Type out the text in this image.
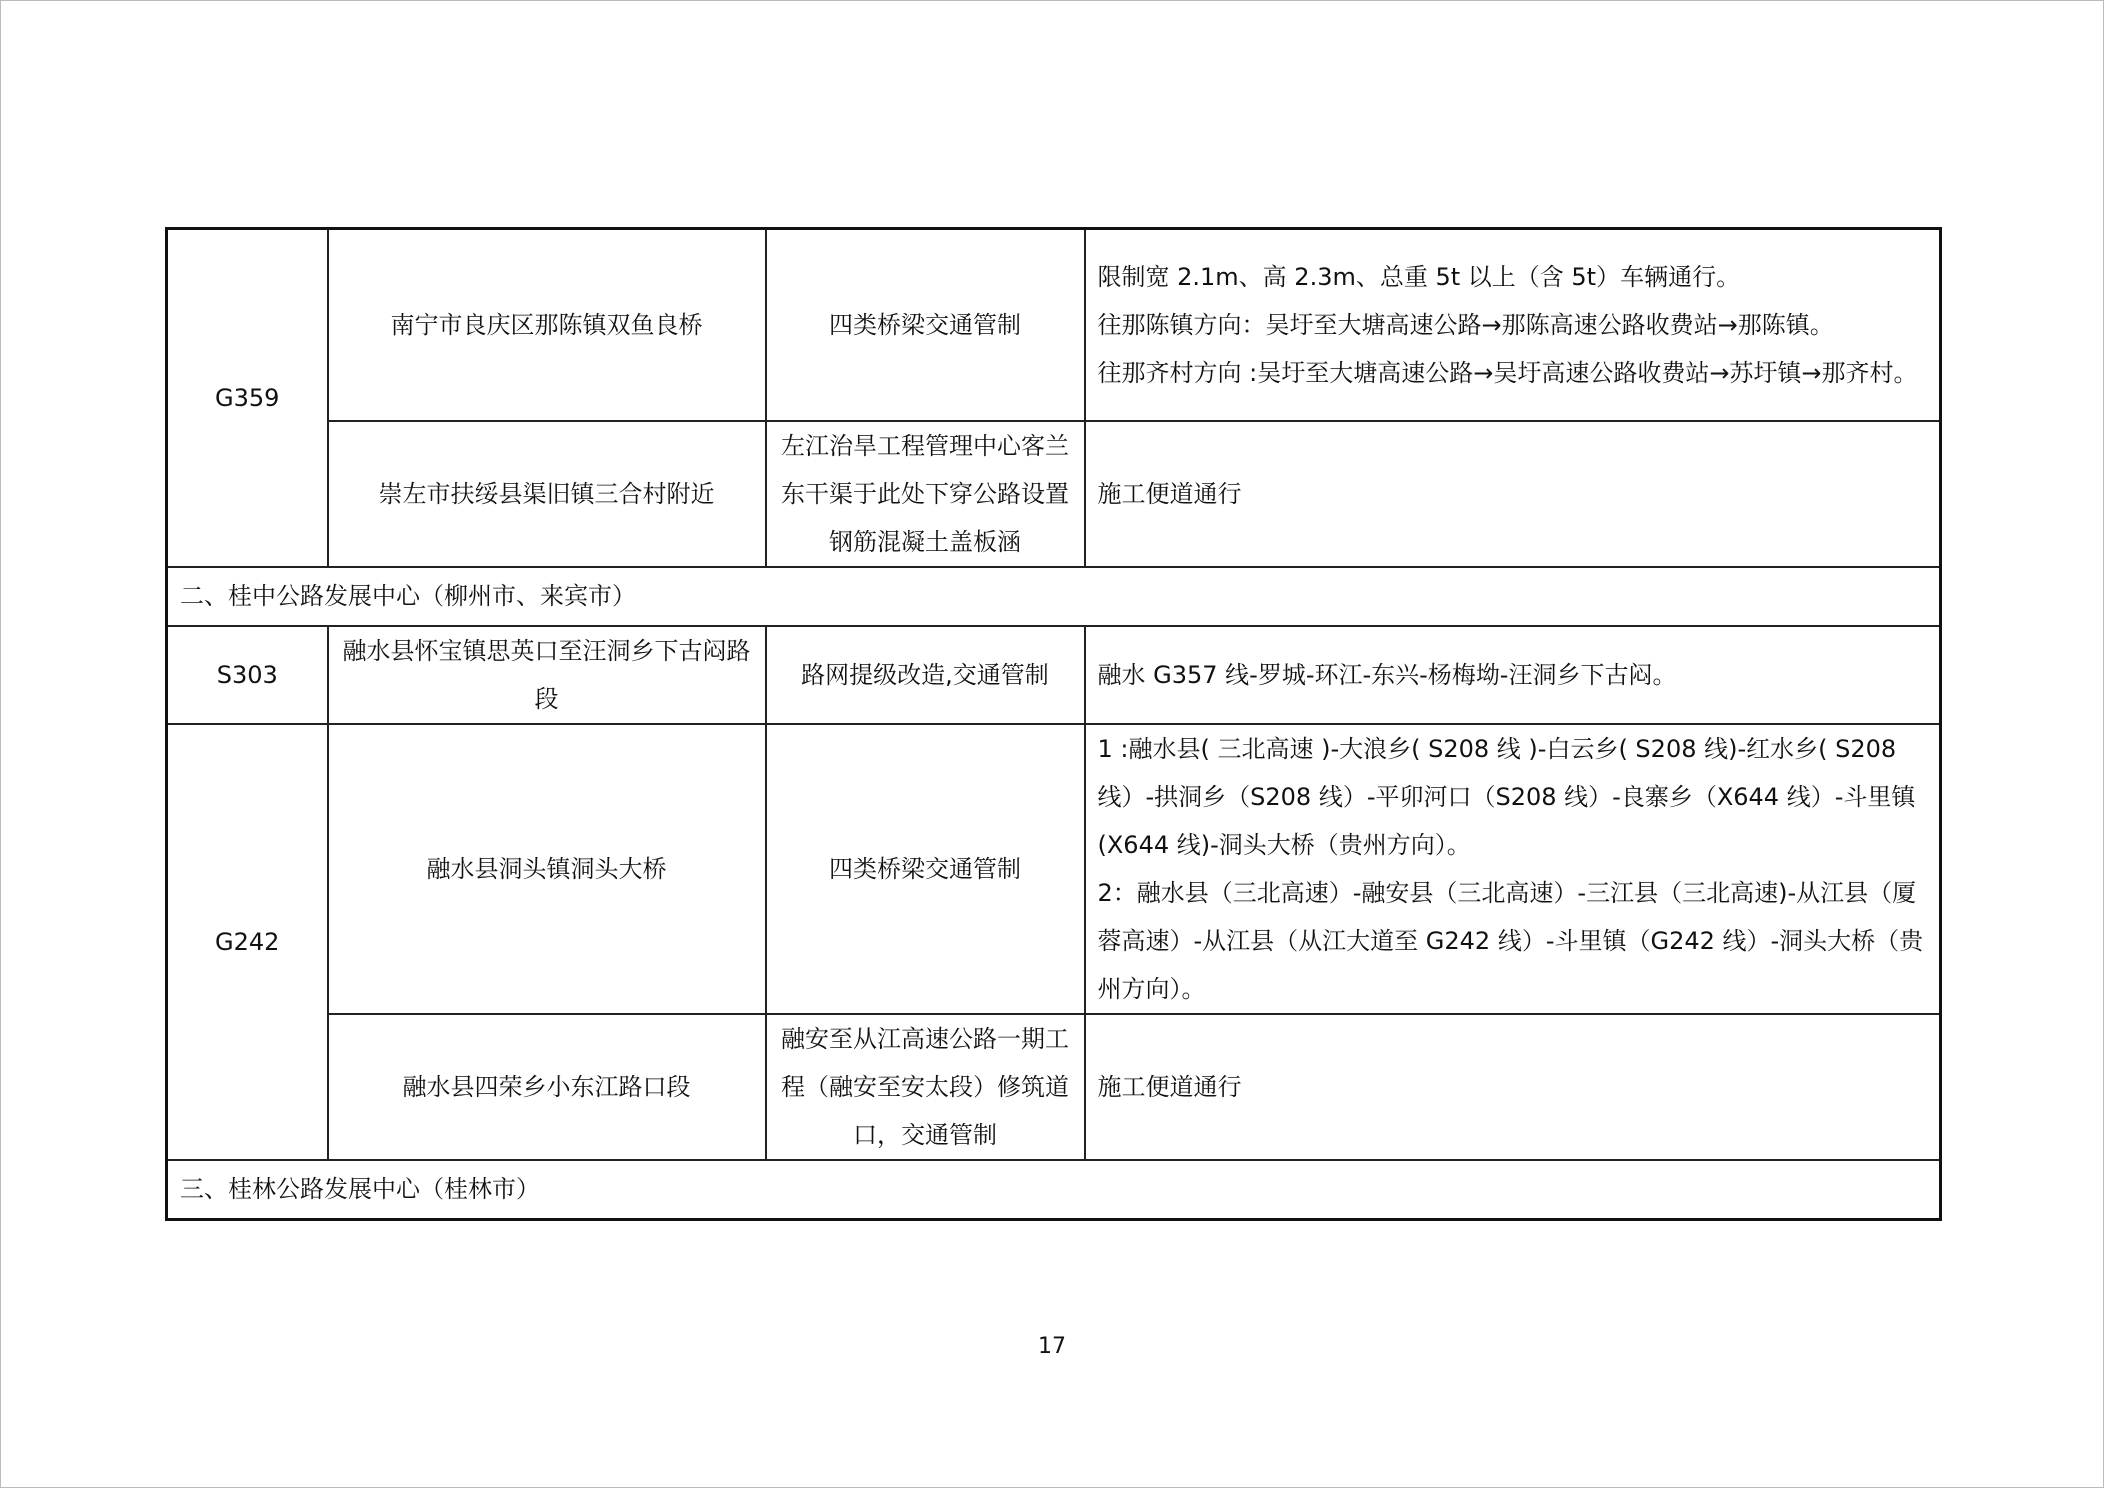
G359	南宁市良庆区那陈镇双鱼良桥	四类桥梁交通管制	限制宽 2.1m、高 2.3m、总重 5t 以上（含 5t）车辆通行。
往那陈镇方向：吴圩至大塘高速公路→那陈高速公路收费站→那陈镇。
往那齐村方向 :吴圩至大塘高速公路→吴圩高速公路收费站→苏圩镇→那齐村。

	崇左市扶绥县渠旧镇三合村附近	左江治旱工程管理中心客兰东干渠于此处下穿公路设置钢筋混凝土盖板涵	施工便道通行

二、桂中公路发展中心（柳州市、来宾市）			
S303	融水县怀宝镇思英口至汪洞乡下古闷路段	路网提级改造,交通管制	融水 G357 线-罗城-环江-东兴-杨梅坳-汪洞乡下古闷。

G242	融水县洞头镇洞头大桥	四类桥梁交通管制	1 :融水县( 三北高速 )-大浪乡( S208 线 )-白云乡( S208 线)-红水乡( S208 线）-拱洞乡（S208 线）-平卯河口（S208 线）-良寨乡（X644 线）-斗里镇(X644 线)-洞头大桥（贵州方向）。
2：融水县（三北高速）-融安县（三北高速）-三江县（三北高速)-从江县（厦蓉高速）-从江县（从江大道至 G242 线）-斗里镇（G242 线）-洞头大桥（贵州方向）。

	融水县四荣乡小东江路口段	融安至从江高速公路一期工程（融安至安太段）修筑道口，交通管制	施工便道通行

三、桂林公路发展中心（桂林市）			
17
